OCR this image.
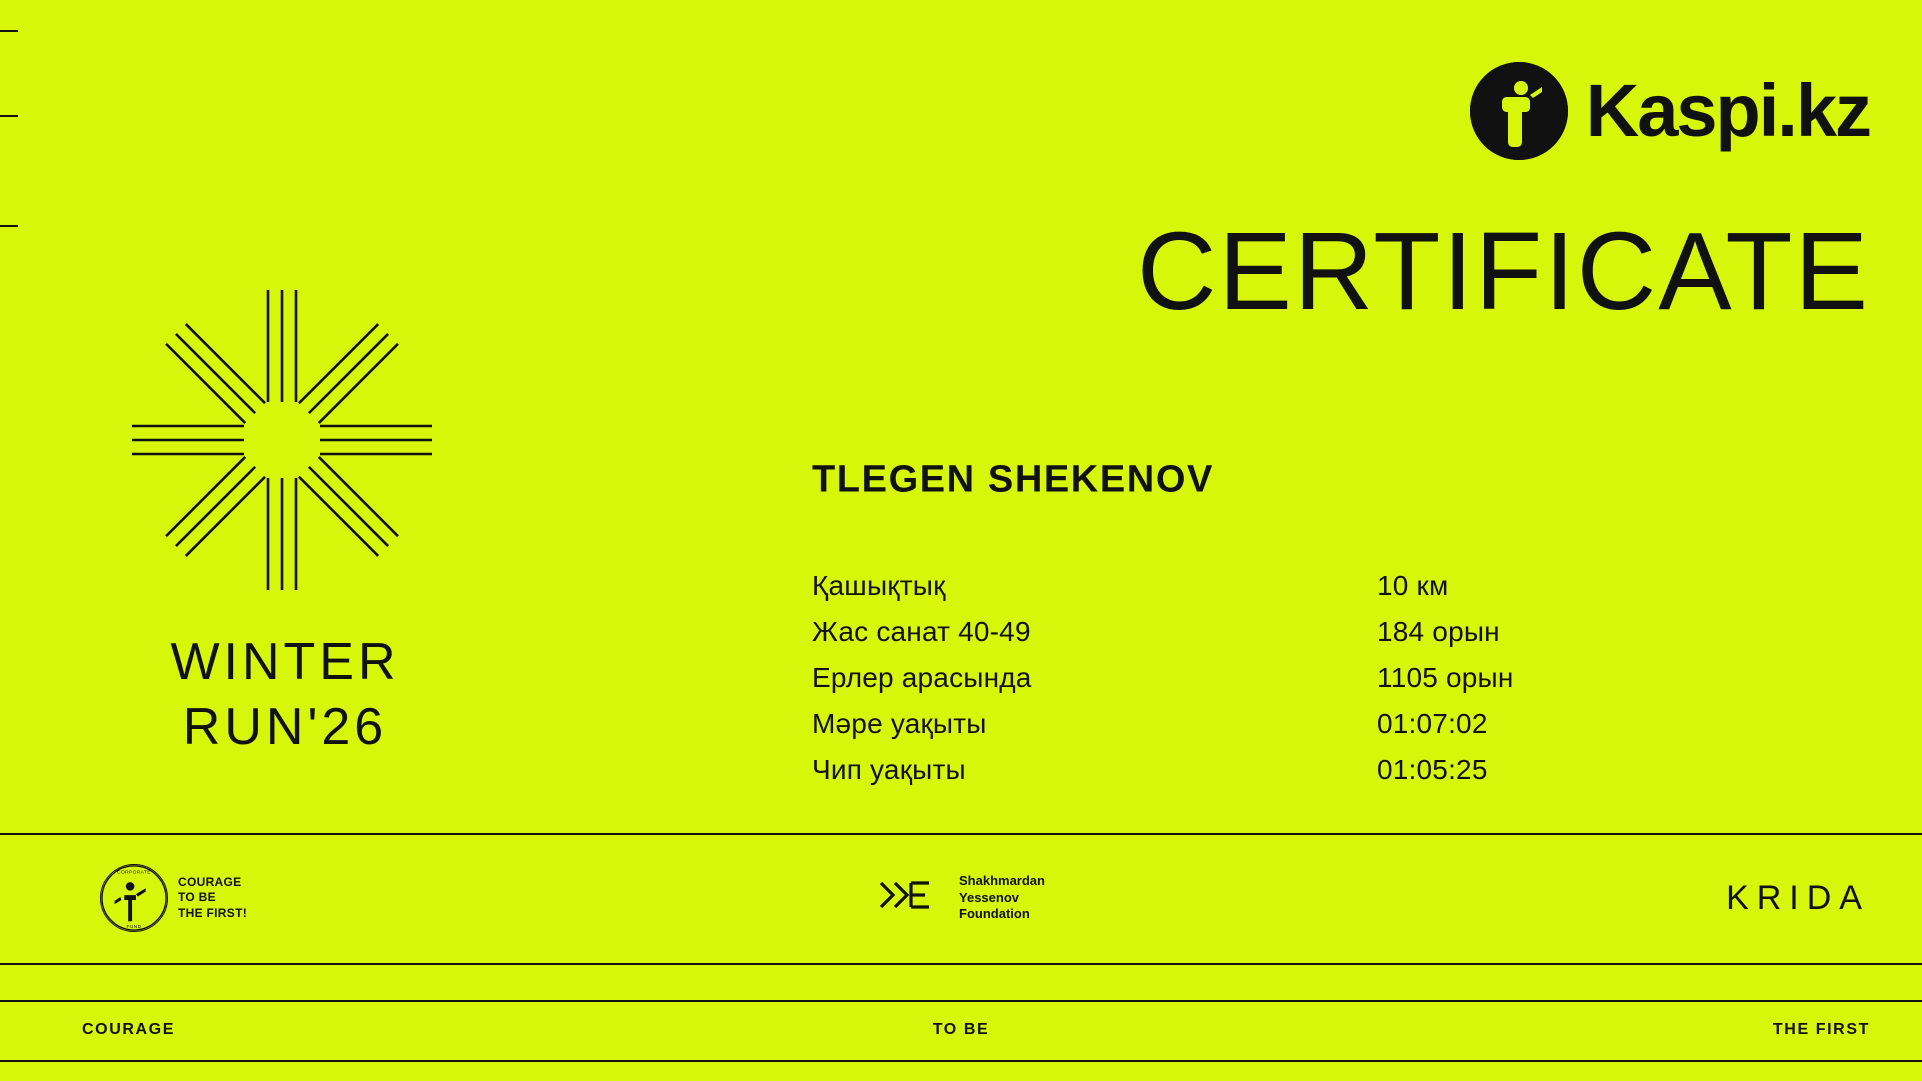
Kaspi.kz
CERTIFICATE
TLEGEN SHEKENOV
Қашықтық	10 км
Жас санат 40-49	184 орын
Ерлер арасында	1105 орын
Мәре уақыты	01:07:02
Чип уақыты	01:05:25
WINTER
RUN'26
CORPORATE
FUND
COURAGE
TO BE
THE FIRST!
Shakhmardan
Yessenov
Foundation	KRIDA
COURAGE	TO BE	THE FIRST
